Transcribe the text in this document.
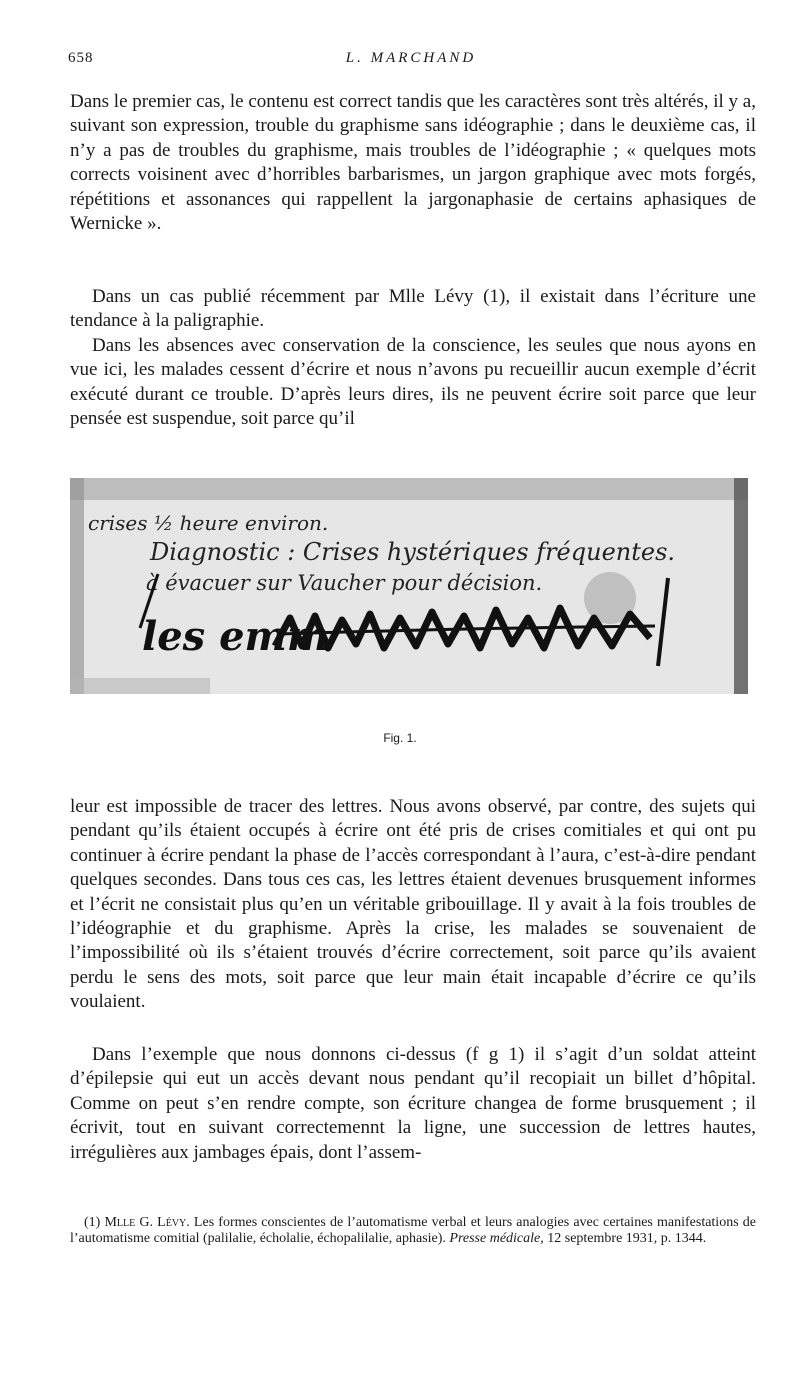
658	L. MARCHAND

Dans le premier cas, le contenu est correct tandis que les caractères sont très altérés, il y a, suivant son expression, trouble du graphisme sans idéographie ; dans le deuxième cas, il n’y a pas de troubles du graphisme, mais troubles de l’idéographie ; « quelques mots corrects voisinent avec d’horribles barbarismes, un jargon graphique avec mots forgés, répétitions et assonances qui rappellent la jargonaphasie de certains aphasiques de Wernicke ».

Dans un cas publié récemment par Mlle Lévy (1), il existait dans l’écriture une tendance à la paligraphie.

Dans les absences avec conservation de la conscience, les seules que nous ayons en vue ici, les malades cessent d’écrire et nous n’avons pu recueillir aucun exemple d’écrit exécuté durant ce trouble. D’après leurs dires, ils ne peuvent écrire soit parce que leur pensée est suspendue, soit parce qu’il

crises ½ heure environ.
Diagnostic : Crises hystériques fréquentes.
à évacuer sur Vaucher pour décision.
les emm
Fig. 1.

leur est impossible de tracer des lettres. Nous avons observé, par contre, des sujets qui pendant qu’ils étaient occupés à écrire ont été pris de crises comitiales et qui ont pu continuer à écrire pendant la phase de l’accès correspondant à l’aura, c’est-à-dire pendant quelques secondes. Dans tous ces cas, les lettres étaient devenues brusquement informes et l’écrit ne consistait plus qu’en un véritable gribouillage. Il y avait à la fois troubles de l’idéographie et du graphisme. Après la crise, les malades se souvenaient de l’impossibilité où ils s’étaient trouvés d’écrire correctement, soit parce qu’ils avaient perdu le sens des mots, soit parce que leur main était incapable d’écrire ce qu’ils voulaient.

Dans l’exemple que nous donnons ci-dessus (f g 1) il s’agit d’un soldat atteint d’épilepsie qui eut un accès devant nous pendant qu’il recopiait un billet d’hôpital. Comme on peut s’en rendre compte, son écriture changea de forme brusquement ; il écrivit, tout en suivant correctemennt la ligne, une succession de lettres hautes, irrégulières aux jambages épais, dont l’assem-

(1) Mlle G. Lévy. Les formes conscientes de l’automatisme verbal et leurs analogies avec certaines manifestations de l’automatisme comitial (palilalie, écholalie, échopalilalie, aphasie). Presse médicale, 12 septembre 1931, p. 1344.
